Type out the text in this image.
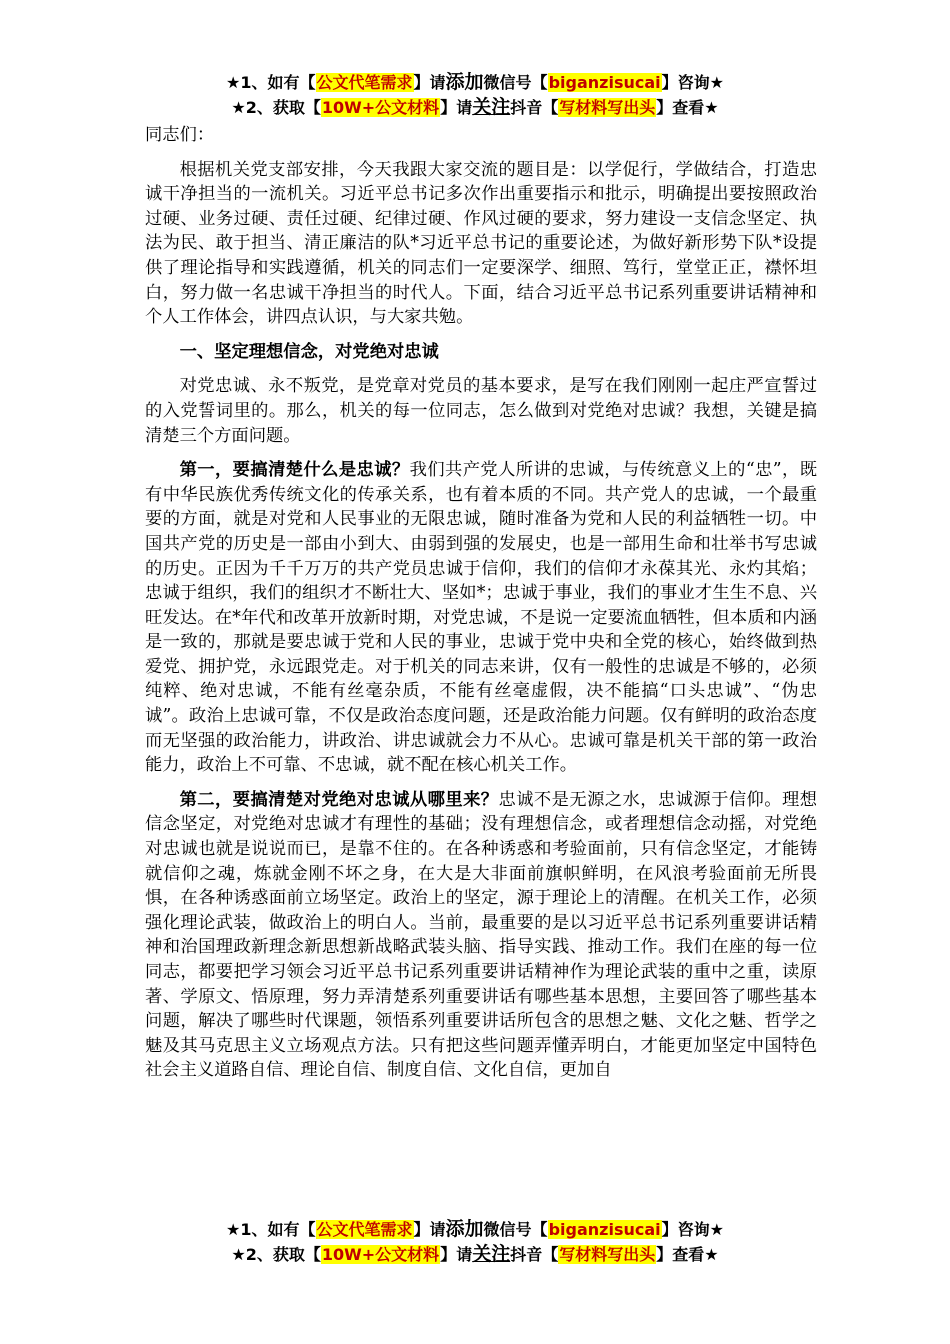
★1、如有【公文代笔需求】请添加微信号【biganzisucai】咨询★
★2、获取【10W+公文材料】请关注抖音【写材料写出头】查看★

同志们：

根据机关党支部安排，今天我跟大家交流的题目是：以学促行，学做结合，打造忠诚干净担当的一流机关。习近平总书记多次作出重要指示和批示，明确提出要按照政治过硬、业务过硬、责任过硬、纪律过硬、作风过硬的要求，努力建设一支信念坚定、执法为民、敢于担当、清正廉洁的队*习近平总书记的重要论述，为做好新形势下队*设提供了理论指导和实践遵循，机关的同志们一定要深学、细照、笃行，堂堂正正，襟怀坦白，努力做一名忠诚干净担当的时代人。下面，结合习近平总书记系列重要讲话精神和个人工作体会，讲四点认识，与大家共勉。

一、坚定理想信念，对党绝对忠诚

对党忠诚、永不叛党，是党章对党员的基本要求，是写在我们刚刚一起庄严宣誓过的入党誓词里的。那么，机关的每一位同志，怎么做到对党绝对忠诚？我想，关键是搞清楚三个方面问题。

第一，要搞清楚什么是忠诚？我们共产党人所讲的忠诚，与传统意义上的“忠”，既有中华民族优秀传统文化的传承关系，也有着本质的不同。共产党人的忠诚，一个最重要的方面，就是对党和人民事业的无限忠诚，随时准备为党和人民的利益牺牲一切。中国共产党的历史是一部由小到大、由弱到强的发展史，也是一部用生命和壮举书写忠诚的历史。正因为千千万万的共产党员忠诚于信仰，我们的信仰才永葆其光、永灼其焰；忠诚于组织，我们的组织才不断壮大、坚如*；忠诚于事业，我们的事业才生生不息、兴旺发达。在*年代和改革开放新时期，对党忠诚，不是说一定要流血牺牲，但本质和内涵是一致的，那就是要忠诚于党和人民的事业，忠诚于党中央和全党的核心，始终做到热爱党、拥护党，永远跟党走。对于机关的同志来讲，仅有一般性的忠诚是不够的，必须纯粹、绝对忠诚，不能有丝毫杂质，不能有丝毫虚假，决不能搞“口头忠诚”、“伪忠诚”。政治上忠诚可靠，不仅是政治态度问题，还是政治能力问题。仅有鲜明的政治态度而无坚强的政治能力，讲政治、讲忠诚就会力不从心。忠诚可靠是机关干部的第一政治能力，政治上不可靠、不忠诚，就不配在核心机关工作。

第二，要搞清楚对党绝对忠诚从哪里来？忠诚不是无源之水，忠诚源于信仰。理想信念坚定，对党绝对忠诚才有理性的基础；没有理想信念，或者理想信念动摇，对党绝对忠诚也就是说说而已，是靠不住的。在各种诱惑和考验面前，只有信念坚定，才能铸就信仰之魂，炼就金刚不坏之身，在大是大非面前旗帜鲜明，在风浪考验面前无所畏惧，在各种诱惑面前立场坚定。政治上的坚定，源于理论上的清醒。在机关工作，必须强化理论武装，做政治上的明白人。当前，最重要的是以习近平总书记系列重要讲话精神和治国理政新理念新思想新战略武装头脑、指导实践、推动工作。我们在座的每一位同志，都要把学习领会习近平总书记系列重要讲话精神作为理论武装的重中之重，读原著、学原文、悟原理，努力弄清楚系列重要讲话有哪些基本思想，主要回答了哪些基本问题，解决了哪些时代课题，领悟系列重要讲话所包含的思想之魅、文化之魅、哲学之魅及其马克思主义立场观点方法。只有把这些问题弄懂弄明白，才能更加坚定中国特色社会主义道路自信、理论自信、制度自信、文化自信，更加自

★1、如有【公文代笔需求】请添加微信号【biganzisucai】咨询★
★2、获取【10W+公文材料】请关注抖音【写材料写出头】查看★
